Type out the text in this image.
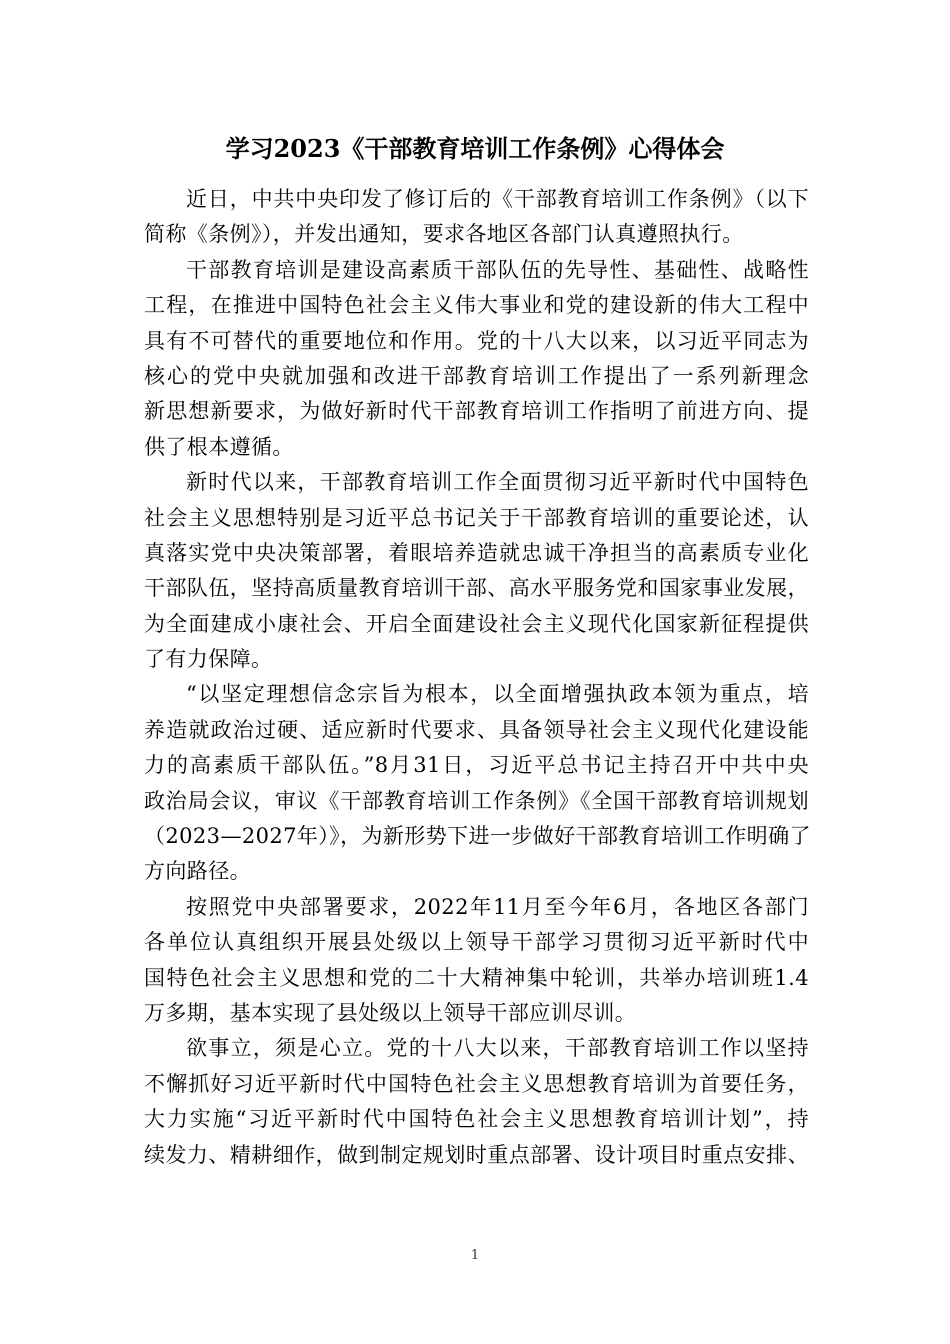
学习2023《干部教育培训工作条例》心得体会
近日，中共中央印发了修订后的《干部教育培训工作条例》（以下
简称《条例》），并发出通知，要求各地区各部门认真遵照执行。
干部教育培训是建设高素质干部队伍的先导性、基础性、战略性
工程，在推进中国特色社会主义伟大事业和党的建设新的伟大工程中
具有不可替代的重要地位和作用。党的十八大以来，以习近平同志为
核心的党中央就加强和改进干部教育培训工作提出了一系列新理念
新思想新要求，为做好新时代干部教育培训工作指明了前进方向、提
供了根本遵循。
新时代以来，干部教育培训工作全面贯彻习近平新时代中国特色
社会主义思想特别是习近平总书记关于干部教育培训的重要论述，认
真落实党中央决策部署，着眼培养造就忠诚干净担当的高素质专业化
干部队伍，坚持高质量教育培训干部、高水平服务党和国家事业发展，
为全面建成小康社会、开启全面建设社会主义现代化国家新征程提供
了有力保障。
“以坚定理想信念宗旨为根本，以全面增强执政本领为重点，培
养造就政治过硬、适应新时代要求、具备领导社会主义现代化建设能
力的高素质干部队伍。”8月31日，习近平总书记主持召开中共中央
政治局会议，审议《干部教育培训工作条例》《全国干部教育培训规划
（2023—2027年）》，为新形势下进一步做好干部教育培训工作明确了
方向路径。
按照党中央部署要求，2022年11月至今年6月，各地区各部门
各单位认真组织开展县处级以上领导干部学习贯彻习近平新时代中
国特色社会主义思想和党的二十大精神集中轮训，共举办培训班1.4
万多期，基本实现了县处级以上领导干部应训尽训。
欲事立，须是心立。党的十八大以来，干部教育培训工作以坚持
不懈抓好习近平新时代中国特色社会主义思想教育培训为首要任务，
大力实施“习近平新时代中国特色社会主义思想教育培训计划”，持
续发力、精耕细作，做到制定规划时重点部署、设计项目时重点安排、
1
